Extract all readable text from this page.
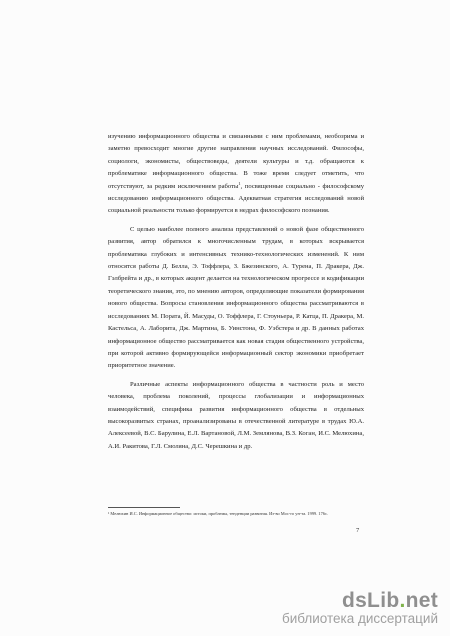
изучению информационного общества и связанными с ним проблемами, необозрима и заметно превосходит многие другие направления научных исследований. Философы, социологи, экономисты, обществоведы, деятели культуры и т.д. обращаются к проблематике информационного общества. В тоже время следует отметить, что отсутствуют, за редким исключением работы$^1$, посвященные социально - философскому исследованию информационного общества. Адекватная стратегия исследований новой социальной реальности только формируется в недрах философского познания.

С целью наиболее полного анализа представлений о новой фазе общественного развития, автор обратился к многочисленным трудам, в которых вскрывается проблематика глубоких и интенсивных технико-технологических изменений. К ним относятся работы Д. Белла, Э. Тоффлера, З. Бжезинского, А. Турена, П. Дракера, Дж. Гэлбрейта и др., в которых акцент делается на технологическом прогрессе и кодификации теоретического знания, это, по мнению авторов, определяющие показатели формирования нового общества. Вопросы становления информационного общества рассматриваются в исследованиях М. Пората, Й. Масуды, О. Тоффлера, Г. Стоуньера, Р. Катца, П. Дракера, М. Кастельса, А. Лаборита, Дж. Мартина, Б. Уинстона, Ф. Уэбстера и др. В данных работах информационное общество рассматривается как новая стадия общественного устройства, при которой активно формирующейся информационный сектор экономики приобретает приоритетное значение.

Различные аспекты информационного общества в частности роль и место человека, проблема поколений, процессы глобализации и информационных взаимодействий, специфика развития информационного общества в отдельных высокоразвитых странах, проанализированы в отечественной литературе в трудах Ю.А. Алексеевой, В.С. Барулина, Е.Л. Вартановой, Л.М. Землянова, В.З. Коган, И.С. Мелюхина, А.И. Ракитова, Г.Л. Смоляна, Д.С. Черешкина и др.

¹ Мелюхин И.С. Информационное общество: истоки, проблемы, тенденции развития. Из-во Мос-го ун-та. 1999. 176с.
7
dsLib.net
библиотека диссертаций
